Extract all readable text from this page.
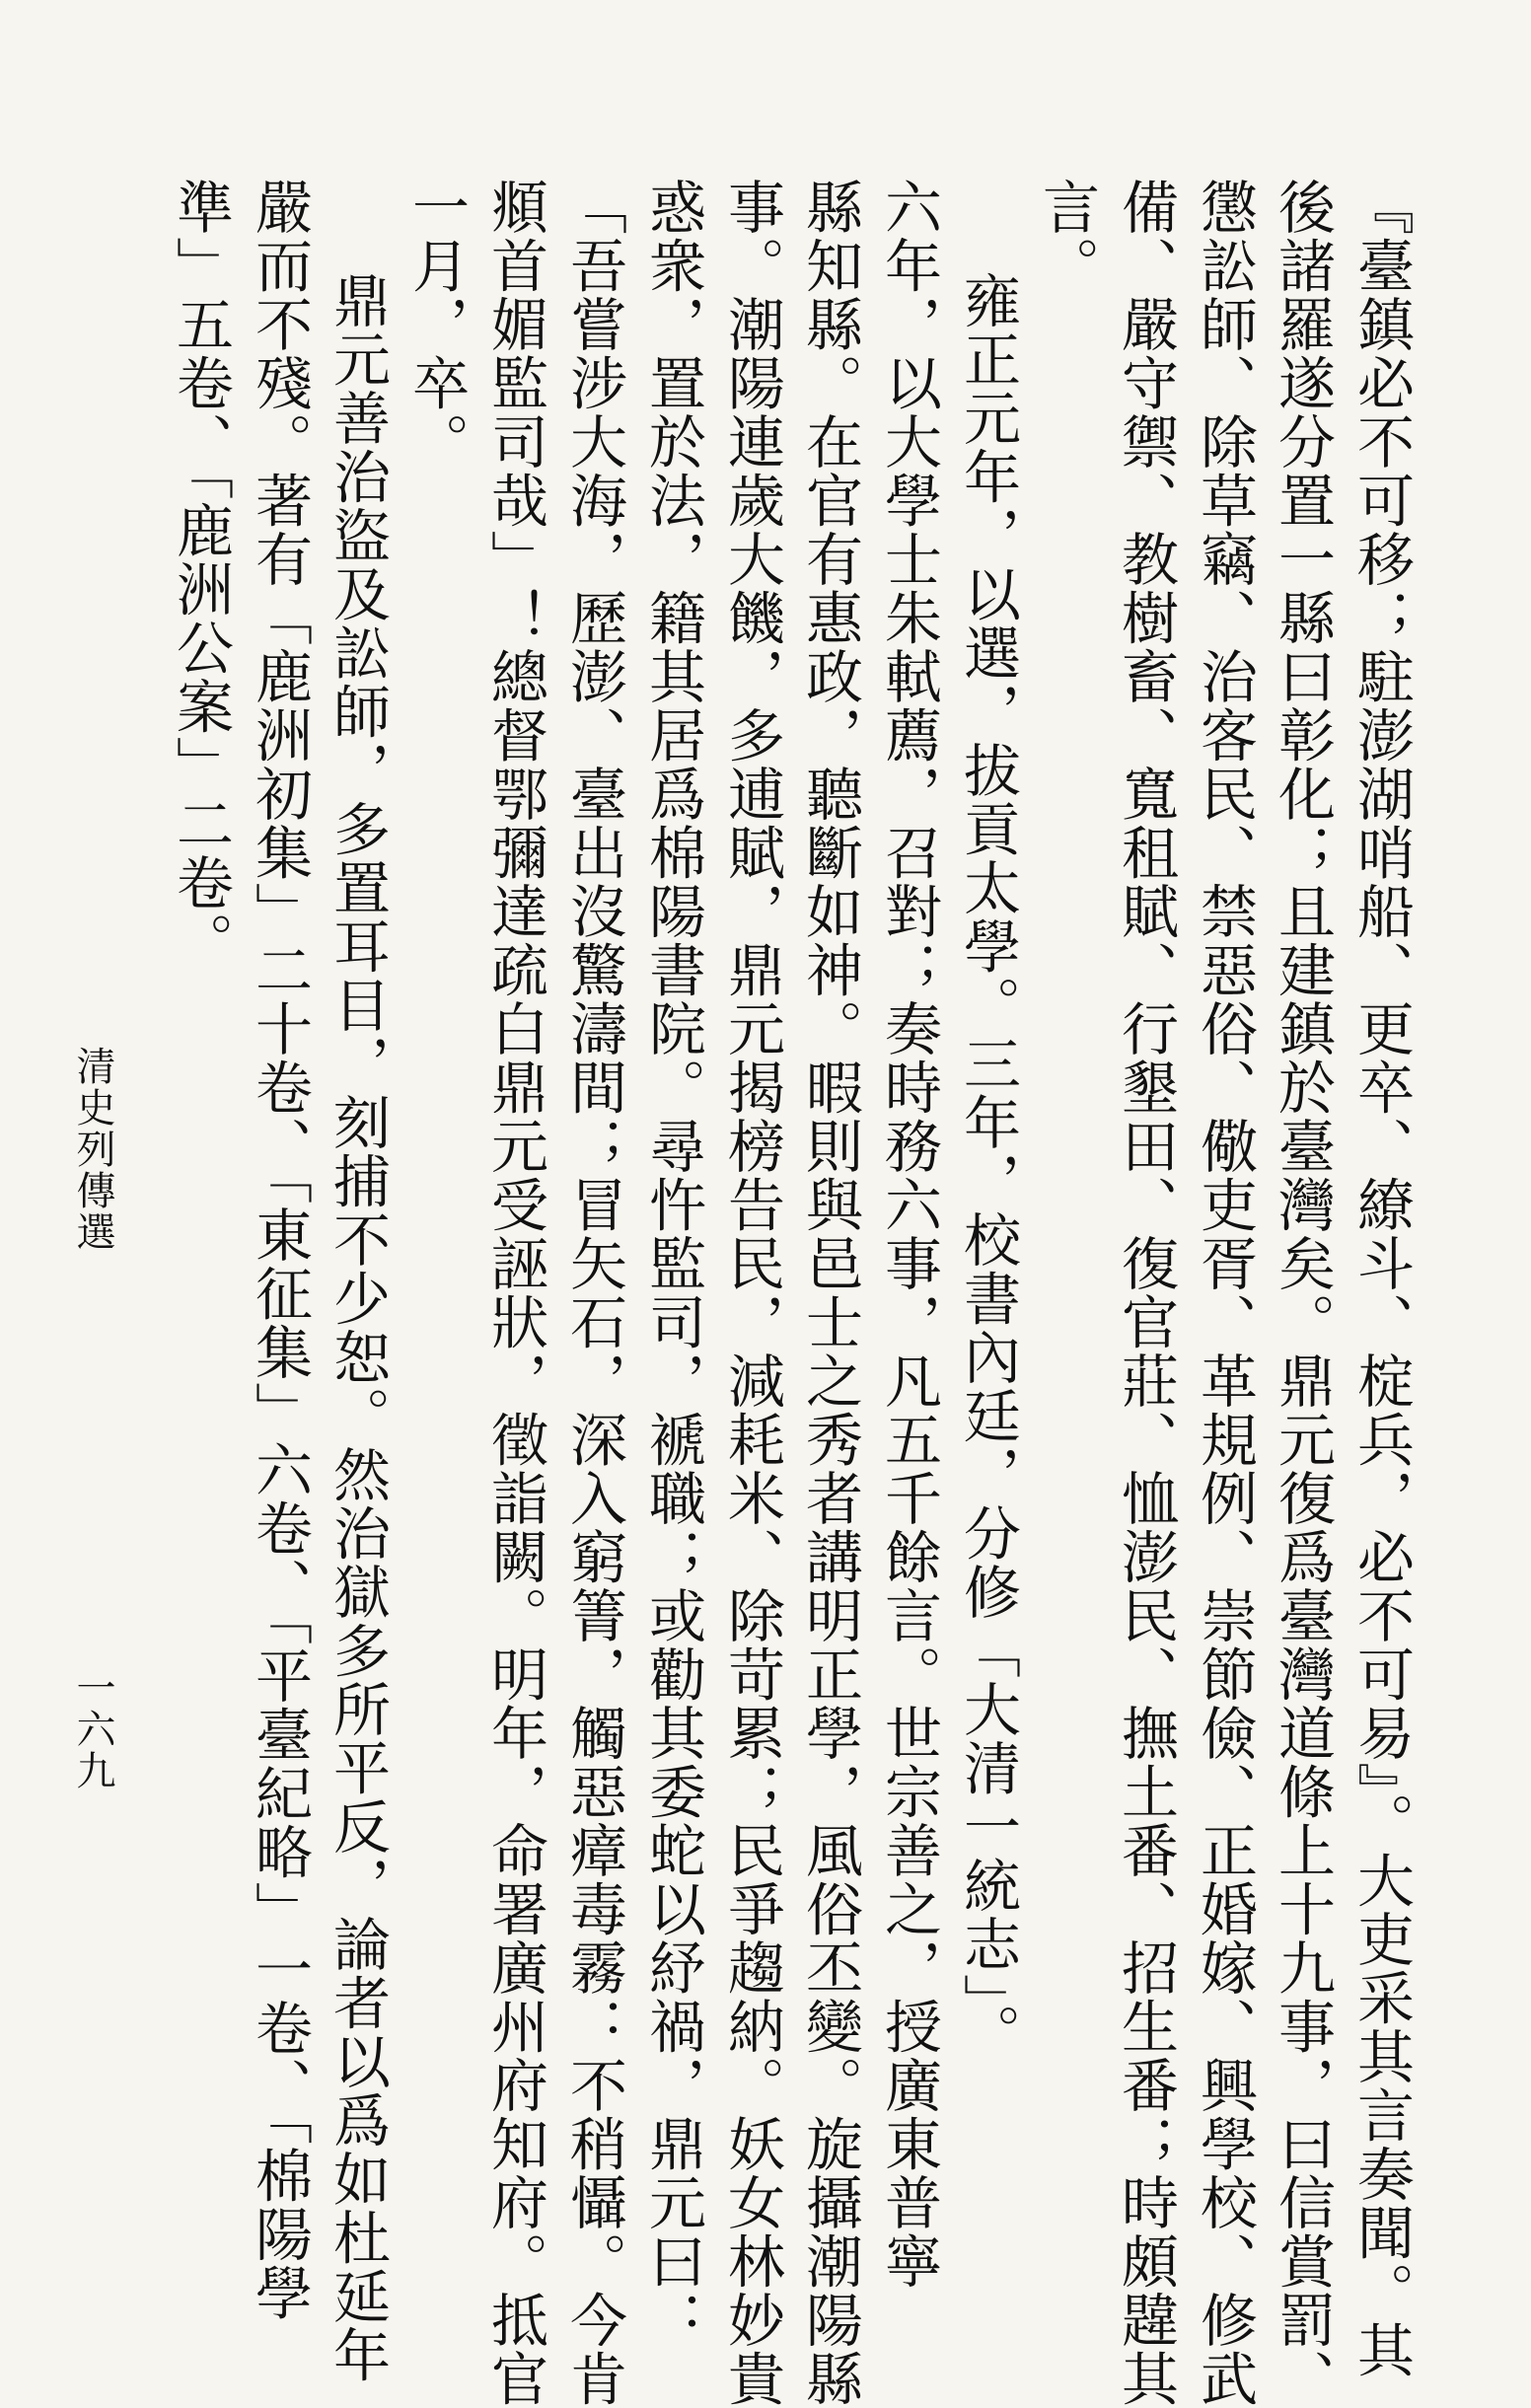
『臺鎮必不可移；駐澎湖哨船、更卒、繚斗、椗兵，必不可易』。大吏采其言奏聞。其
後諸羅遂分置一縣曰彰化；且建鎮於臺灣矣。鼎元復爲臺灣道條上十九事，曰信賞罰、
懲訟師、除草竊、治客民、禁惡俗、儆吏胥、革規例、崇節儉、正婚嫁、興學校、修武
備、嚴守禦、教樹畜、寬租賦、行墾田、復官莊、恤澎民、撫土番、招生番；時頗韙其
言。
雍正元年，以選，拔貢太學。三年，校書內廷，分修「大清一統志」。
六年，以大學士朱軾薦，召對；奏時務六事，凡五千餘言。世宗善之，授廣東普寧
縣知縣。在官有惠政，聽斷如神。暇則與邑士之秀者講明正學，風俗丕變。旋攝潮陽縣
事。潮陽連歲大饑，多逋賦，鼎元揭榜告民，減耗米、除苛累；民爭趨納。妖女林妙貴
惑衆，置於法，籍其居爲棉陽書院。尋忤監司，褫職；或勸其委蛇以紓禍，鼎元曰：
「吾嘗涉大海，歷澎、臺出沒驚濤間；冒矢石，深入窮箐，觸惡瘴毒霧：不稍懾。今肯
頫首媚監司哉」！總督鄂彌達疏白鼎元受誣狀，徵詣闕。明年，命署廣州府知府。抵官
一月，卒。
鼎元善治盜及訟師，多置耳目，刻捕不少恕。然治獄多所平反，論者以爲如杜延年
嚴而不殘。著有「鹿洲初集」二十卷、「東征集」六卷、「平臺紀略」一卷、「棉陽學
準」五卷、「鹿洲公案」二卷。
清史列傳選
一六九
